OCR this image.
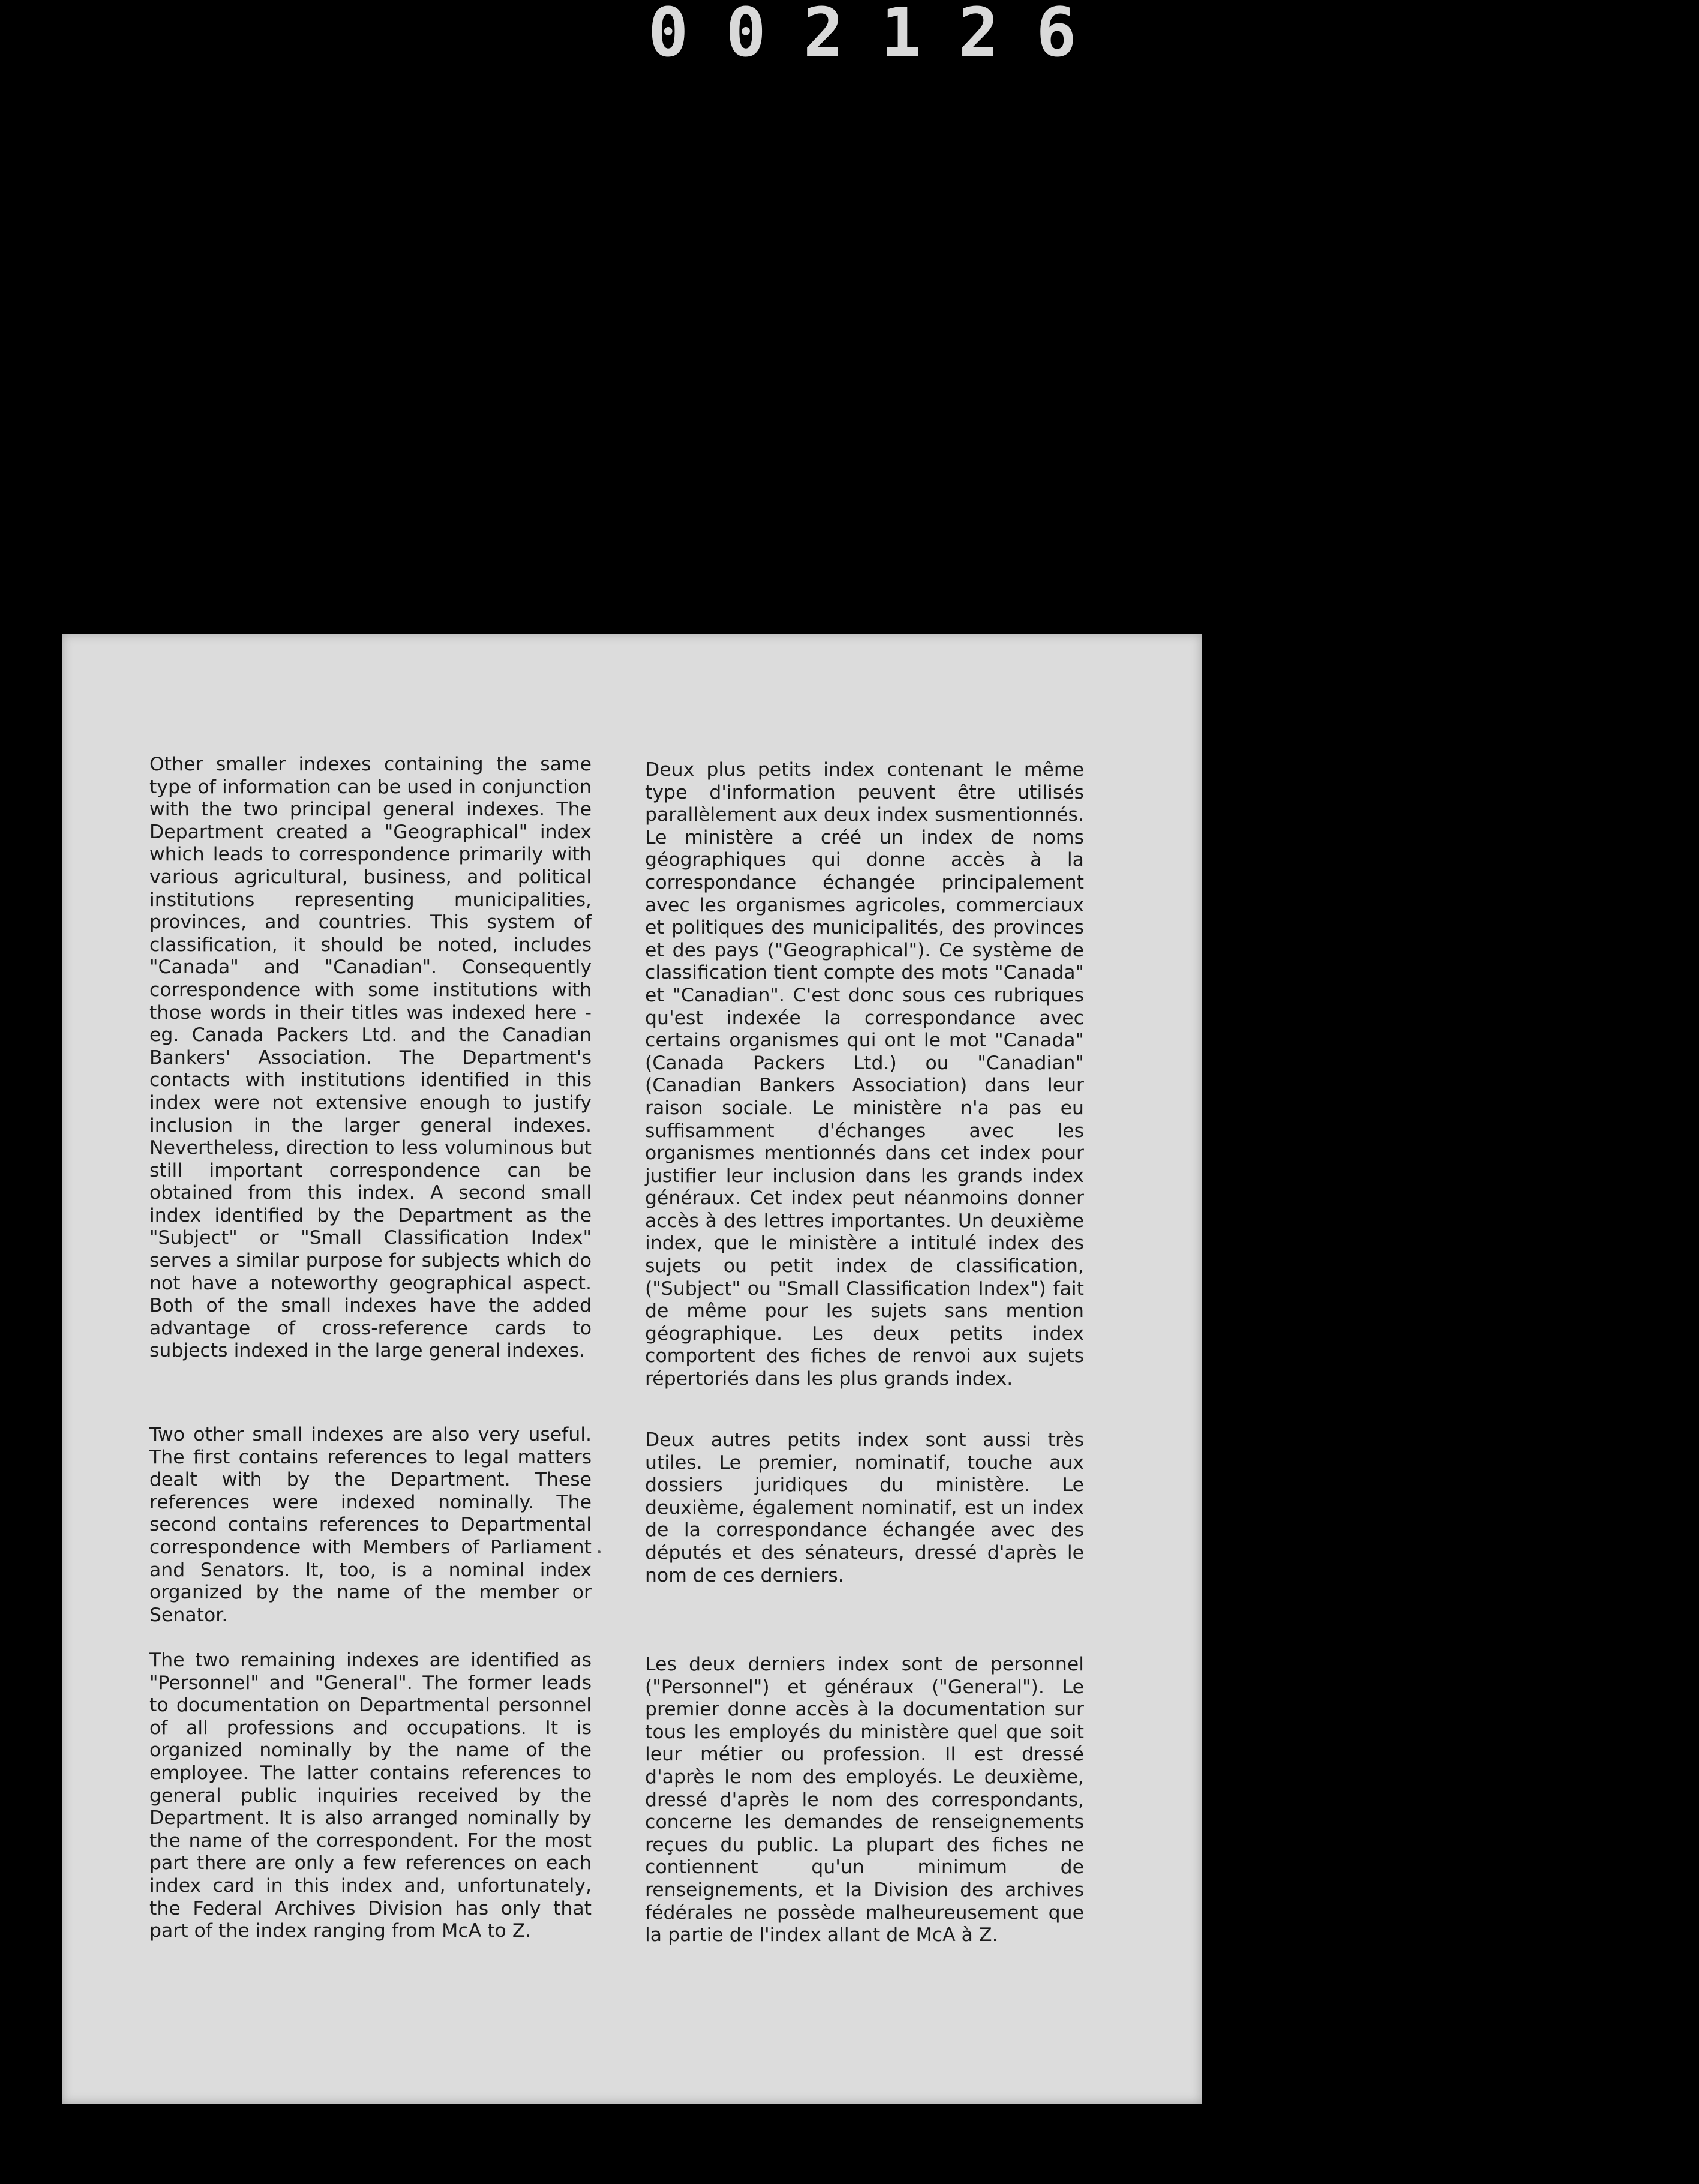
002126

Other smaller indexes containing the same type of information can be used in conjunction with the two principal general indexes. The Department created a "Geographical" index which leads to correspondence primarily with various agricultural, business, and political institutions representing municipalities, provinces, and countries. This system of classification, it should be noted, includes "Canada" and "Canadian". Consequently correspondence with some institutions with those words in their titles was indexed here - eg. Canada Packers Ltd. and the Canadian Bankers' Association. The Department's contacts with institutions identified in this index were not extensive enough to justify inclusion in the larger general indexes. Nevertheless, direction to less voluminous but still important correspondence can be obtained from this index. A second small index identified by the Department as the "Subject" or "Small Classification Index" serves a similar purpose for subjects which do not have a noteworthy geographical aspect. Both of the small indexes have the added advantage of cross-reference cards to subjects indexed in the large general indexes.

Two other small indexes are also very useful. The first contains references to legal matters dealt with by the Department. These references were indexed nominally. The second contains references to Departmental correspondence with Members of Parliament and Senators. It, too, is a nominal index organized by the name of the member or Senator.

The two remaining indexes are identified as "Personnel" and "General". The former leads to documentation on Departmental personnel of all professions and occupations. It is organized nominally by the name of the employee. The latter contains references to general public inquiries received by the Department. It is also arranged nominally by the name of the correspondent. For the most part there are only a few references on each index card in this index and, unfortunately, the Federal Archives Division has only that part of the index ranging from McA to Z.

Deux plus petits index contenant le même type d'information peuvent être utilisés parallèlement aux deux index susmentionnés. Le ministère a créé un index de noms géographiques qui donne accès à la correspondance échangée principalement avec les organismes agricoles, commerciaux et politiques des municipalités, des provinces et des pays ("Geographical"). Ce système de classification tient compte des mots "Canada" et "Canadian". C'est donc sous ces rubriques qu'est indexée la correspondance avec certains organismes qui ont le mot "Canada" (Canada Packers Ltd.) ou "Canadian" (Canadian Bankers Association) dans leur raison sociale. Le ministère n'a pas eu suffisamment d'échanges avec les organismes mentionnés dans cet index pour justifier leur inclusion dans les grands index généraux. Cet index peut néanmoins donner accès à des lettres importantes. Un deuxième index, que le ministère a intitulé index des sujets ou petit index de classification, ("Subject" ou "Small Classification Index") fait de même pour les sujets sans mention géographique. Les deux petits index comportent des fiches de renvoi aux sujets répertoriés dans les plus grands index.

Deux autres petits index sont aussi très utiles. Le premier, nominatif, touche aux dossiers juridiques du ministère. Le deuxième, également nominatif, est un index de la correspondance échangée avec des députés et des sénateurs, dressé d'après le nom de ces derniers.

Les deux derniers index sont de personnel ("Personnel") et généraux ("General"). Le premier donne accès à la documentation sur tous les employés du ministère quel que soit leur métier ou profession. Il est dressé d'après le nom des employés. Le deuxième, dressé d'après le nom des correspondants, concerne les demandes de renseignements reçues du public. La plupart des fiches ne contiennent qu'un minimum de renseignements, et la Division des archives fédérales ne possède malheureusement que la partie de l'index allant de McA à Z.
